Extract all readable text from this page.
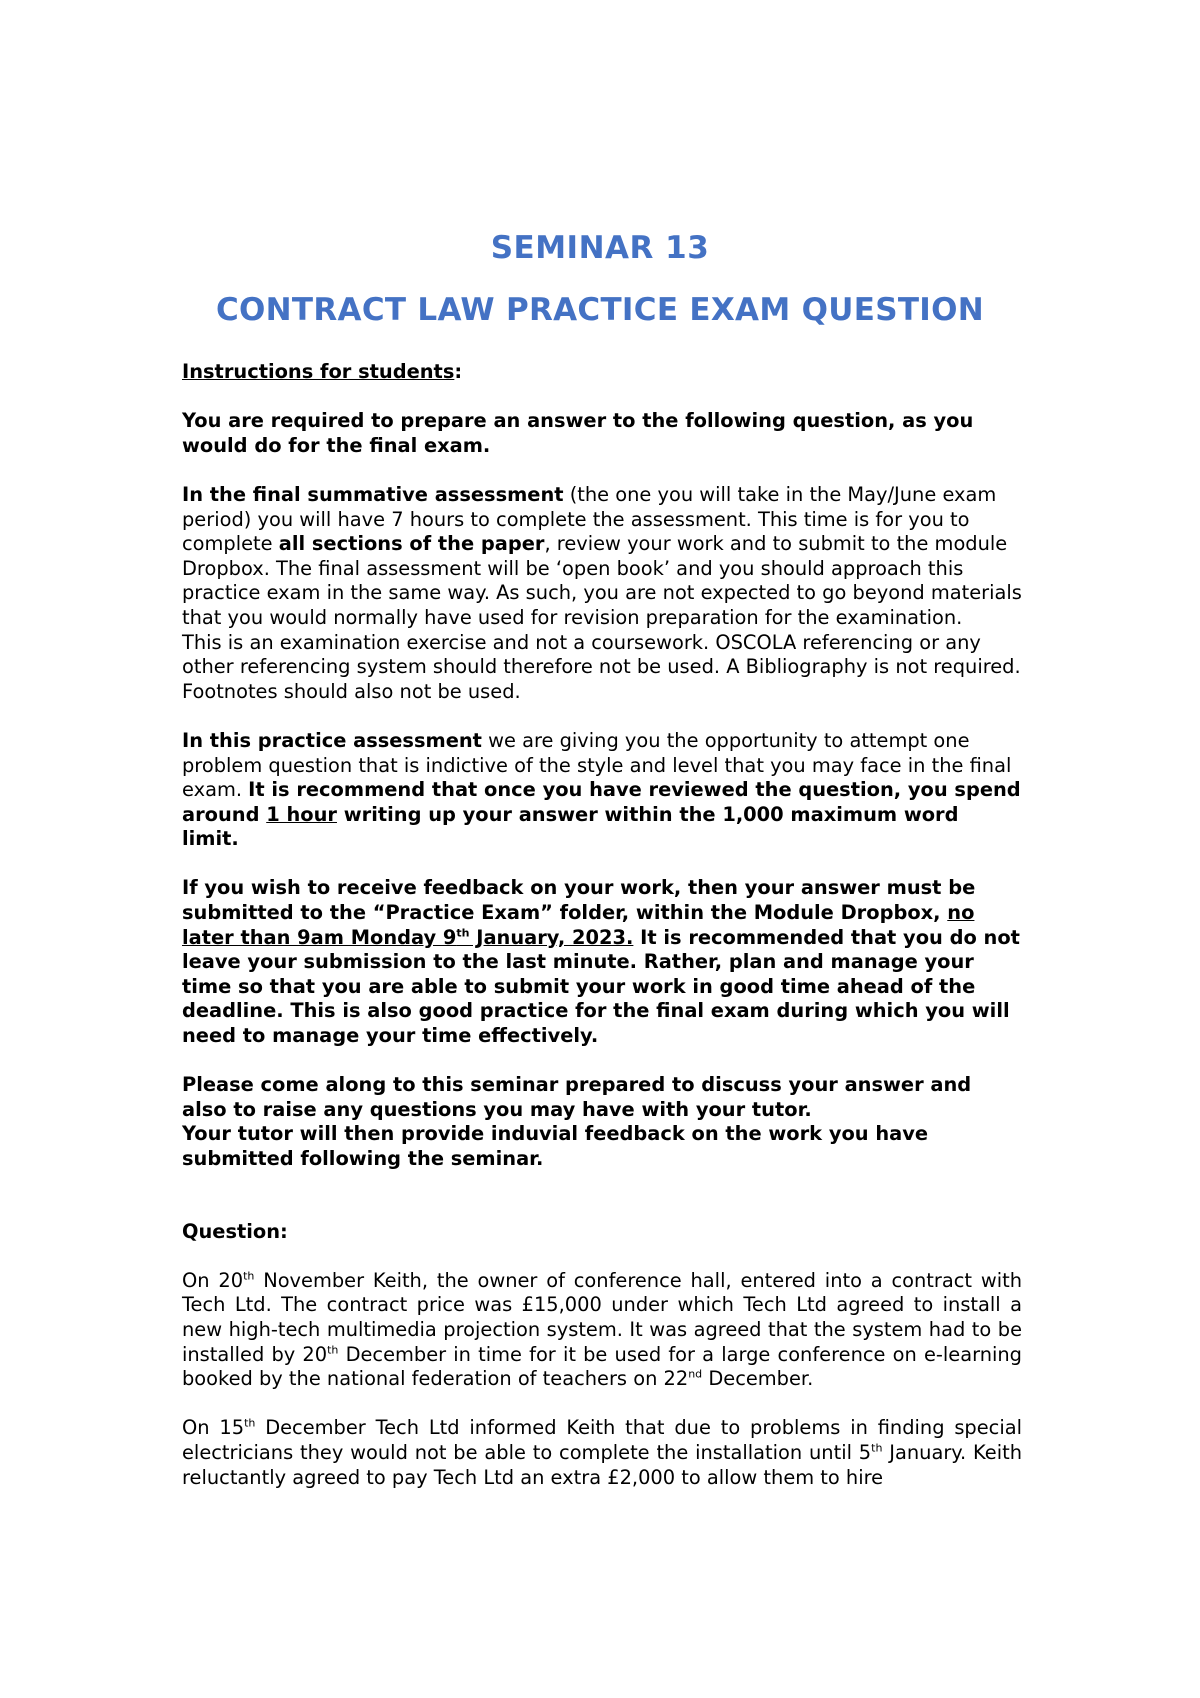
SEMINAR 13
CONTRACT LAW PRACTICE EXAM QUESTION

Instructions for students:

You are required to prepare an answer to the following question, as you would do for the final exam.

In the final summative assessment (the one you will take in the May/June exam period) you will have 7 hours to complete the assessment. This time is for you to complete all sections of the paper, review your work and to submit to the module Dropbox. The final assessment will be ‘open book’ and you should approach this practice exam in the same way. As such, you are not expected to go beyond materials that you would normally have used for revision preparation for the examination.

This is an examination exercise and not a coursework. OSCOLA referencing or any other referencing system should therefore not be used. A Bibliography is not required. Footnotes should also not be used.

In this practice assessment we are giving you the opportunity to attempt one problem question that is indictive of the style and level that you may face in the final exam. It is recommend that once you have reviewed the question, you spend around 1 hour writing up your answer within the 1,000 maximum word limit.

If you wish to receive feedback on your work, then your answer must be submitted to the “Practice Exam” folder, within the Module Dropbox, no later than 9am Monday 9th January, 2023. It is recommended that you do not leave your submission to the last minute. Rather, plan and manage your time so that you are able to submit your work in good time ahead of the deadline. This is also good practice for the final exam during which you will need to manage your time effectively.

Please come along to this seminar prepared to discuss your answer and also to raise any questions you may have with your tutor.

Your tutor will then provide induvial feedback on the work you have submitted following the seminar.

Question:

On 20th November Keith, the owner of conference hall, entered into a contract with Tech Ltd. The contract price was £15,000 under which Tech Ltd agreed to install a new high-tech multimedia projection system. It was agreed that the system had to be installed by 20th December in time for it be used for a large conference on e-learning booked by the national federation of teachers on 22nd December.

On 15th December Tech Ltd informed Keith that due to problems in finding special electricians they would not be able to complete the installation until 5th January. Keith reluctantly agreed to pay Tech Ltd an extra £2,000 to allow them to hire
